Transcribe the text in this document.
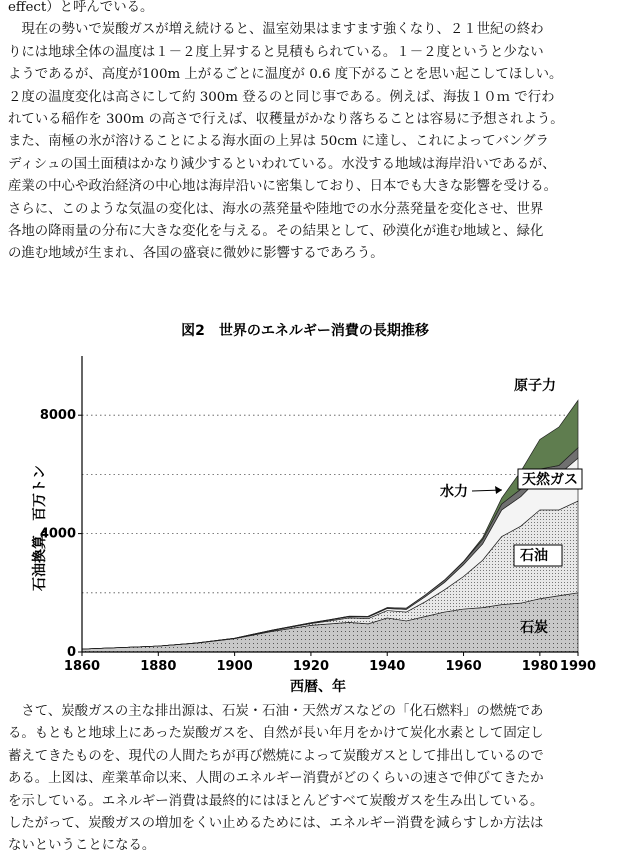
effect）と呼んでいる。
　現在の勢いで炭酸ガスが増え続けると、温室効果はますます強くなり、２１世紀の終わ
りには地球全体の温度は１－２度上昇すると見積もられている。１－２度というと少ない
ようであるが、高度が100m 上がるごとに温度が 0.6 度下がることを思い起こしてほしい。
２度の温度変化は高さにして約 300m 登るのと同じ事である。例えば、海抜１０ｍ で行わ
れている稲作を 300m の高さで行えば、収穫量がかなり落ちることは容易に予想されよう。
また、南極の氷が溶けることによる海水面の上昇は 50cm に達し、これによってバングラ
ディシュの国土面積はかなり減少するといわれている。水没する地域は海岸沿いであるが、
産業の中心や政治経済の中心地は海岸沿いに密集しており、日本でも大きな影響を受ける。
さらに、このような気温の変化は、海水の蒸発量や陸地での水分蒸発量を変化させ、世界
各地の降雨量の分布に大きな変化を与える。その結果として、砂漠化が進む地域と、緑化
の進む地域が生まれ、各国の盛衰に微妙に影響するであろう。

図2　世界のエネルギー消費の長期推移
0
4000
8000
1860	1880	1900	1920	1940	1960	1980 1990
西暦、年
石油換算、百万トン
石炭
石油
天然ガス
水力
原子力

　さて、炭酸ガスの主な排出源は、石炭・石油・天然ガスなどの「化石燃料」の燃焼であ
る。もともと地球上にあった炭酸ガスを、自然が長い年月をかけて炭化水素として固定し
蓄えてきたものを、現代の人間たちが再び燃焼によって炭酸ガスとして排出しているので
ある。上図は、産業革命以来、人間のエネルギー消費がどのくらいの速さで伸びてきたか
を示している。エネルギー消費は最終的にはほとんどすべて炭酸ガスを生み出している。
したがって、炭酸ガスの増加をくい止めるためには、エネルギー消費を減らすしか方法は
ないということになる。
